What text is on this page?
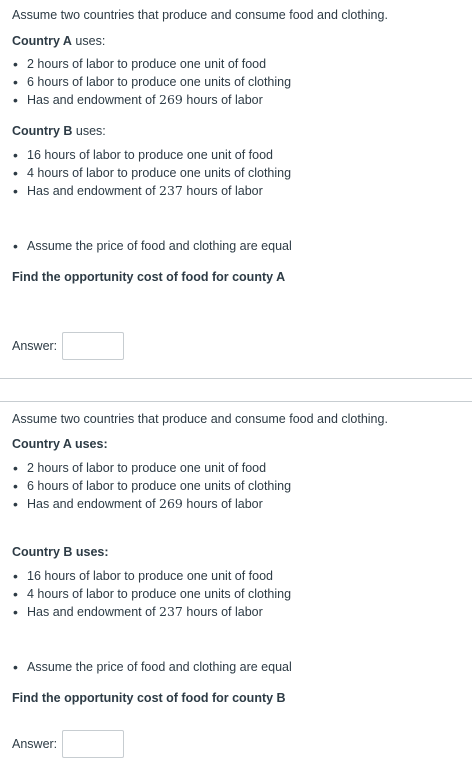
Assume two countries that produce and consume food and clothing.
Country A uses:
• 2 hours of labor to produce one unit of food
• 6 hours of labor to produce one units of clothing
• Has and endowment of 269 hours of labor
Country B uses:
• 16 hours of labor to produce one unit of food
• 4 hours of labor to produce one units of clothing
• Has and endowment of 237 hours of labor
• Assume the price of food and clothing are equal
Find the opportunity cost of food for county A
Answer:
Assume two countries that produce and consume food and clothing.
Country A uses:
• 2 hours of labor to produce one unit of food
• 6 hours of labor to produce one units of clothing
• Has and endowment of 269 hours of labor
Country B uses:
• 16 hours of labor to produce one unit of food
• 4 hours of labor to produce one units of clothing
• Has and endowment of 237 hours of labor
• Assume the price of food and clothing are equal
Find the opportunity cost of food for county B
Answer:
